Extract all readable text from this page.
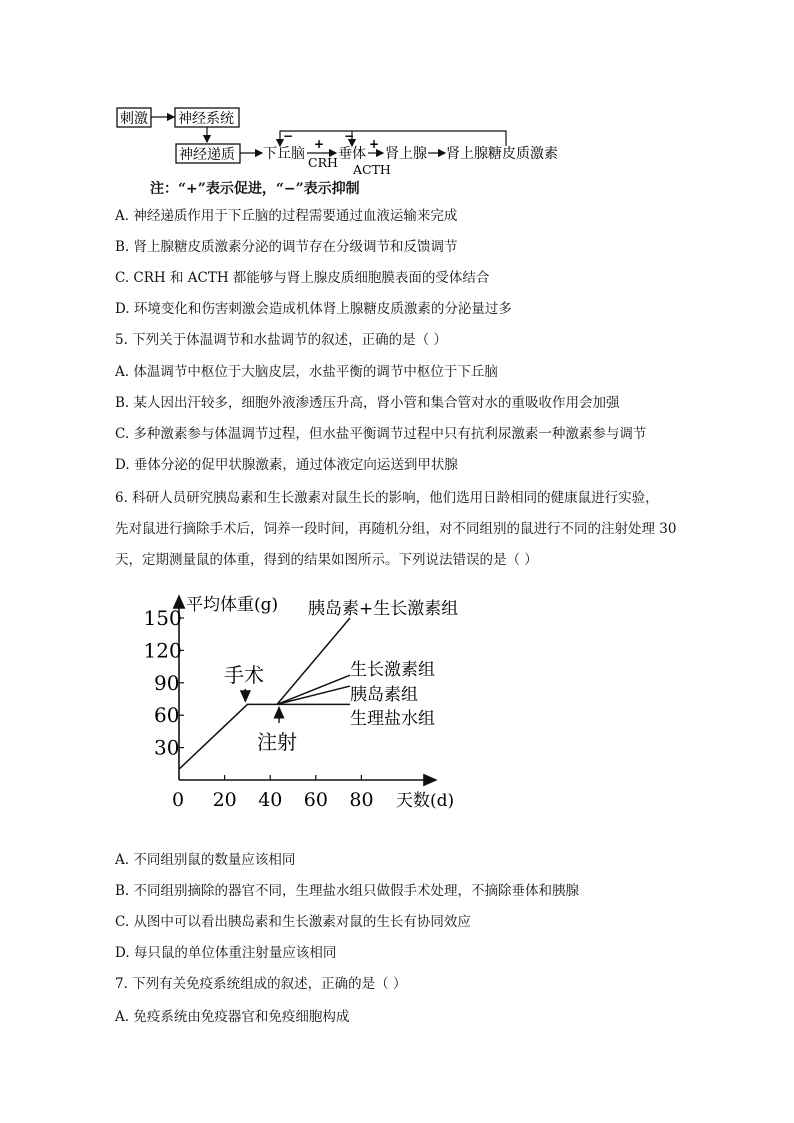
刺激 神经系统
神经递质 下丘脑 垂体 肾上腺 肾上腺糖皮质激素
CRH ACTH
+	+
−	−
注：“+”表示促进，“−”表示抑制
A. 神经递质作用于下丘脑的过程需要通过血液运输来完成
B. 肾上腺糖皮质激素分泌的调节存在分级调节和反馈调节
C. CRH 和 ACTH 都能够与肾上腺皮质细胞膜表面的受体结合
D. 环境变化和伤害刺激会造成机体肾上腺糖皮质激素的分泌量过多
5. 下列关于体温调节和水盐调节的叙述，正确的是（ ）
A. 体温调节中枢位于大脑皮层，水盐平衡的调节中枢位于下丘脑
B. 某人因出汗较多，细胞外液渗透压升高，肾小管和集合管对水的重吸收作用会加强
C. 多种激素参与体温调节过程，但水盐平衡调节过程中只有抗利尿激素一种激素参与调节
D. 垂体分泌的促甲状腺激素，通过体液定向运送到甲状腺
6. 科研人员研究胰岛素和生长激素对鼠生长的影响，他们选用日龄相同的健康鼠进行实验，
先对鼠进行摘除手术后，饲养一段时间，再随机分组，对不同组别的鼠进行不同的注射处理 30
天，定期测量鼠的体重，得到的结果如图所示。下列说法错误的是（ ）
平均体重(g)
天数(d)
0 20 40 60 80
30
60
90
120
150	胰岛素+生长激素组
生长激素组
胰岛素组
生理盐水组
手术
注射
A. 不同组别鼠的数量应该相同
B. 不同组别摘除的器官不同，生理盐水组只做假手术处理，不摘除垂体和胰腺
C. 从图中可以看出胰岛素和生长激素对鼠的生长有协同效应
D. 每只鼠的单位体重注射量应该相同
7. 下列有关免疫系统组成的叙述，正确的是（ ）
A. 免疫系统由免疫器官和免疫细胞构成
